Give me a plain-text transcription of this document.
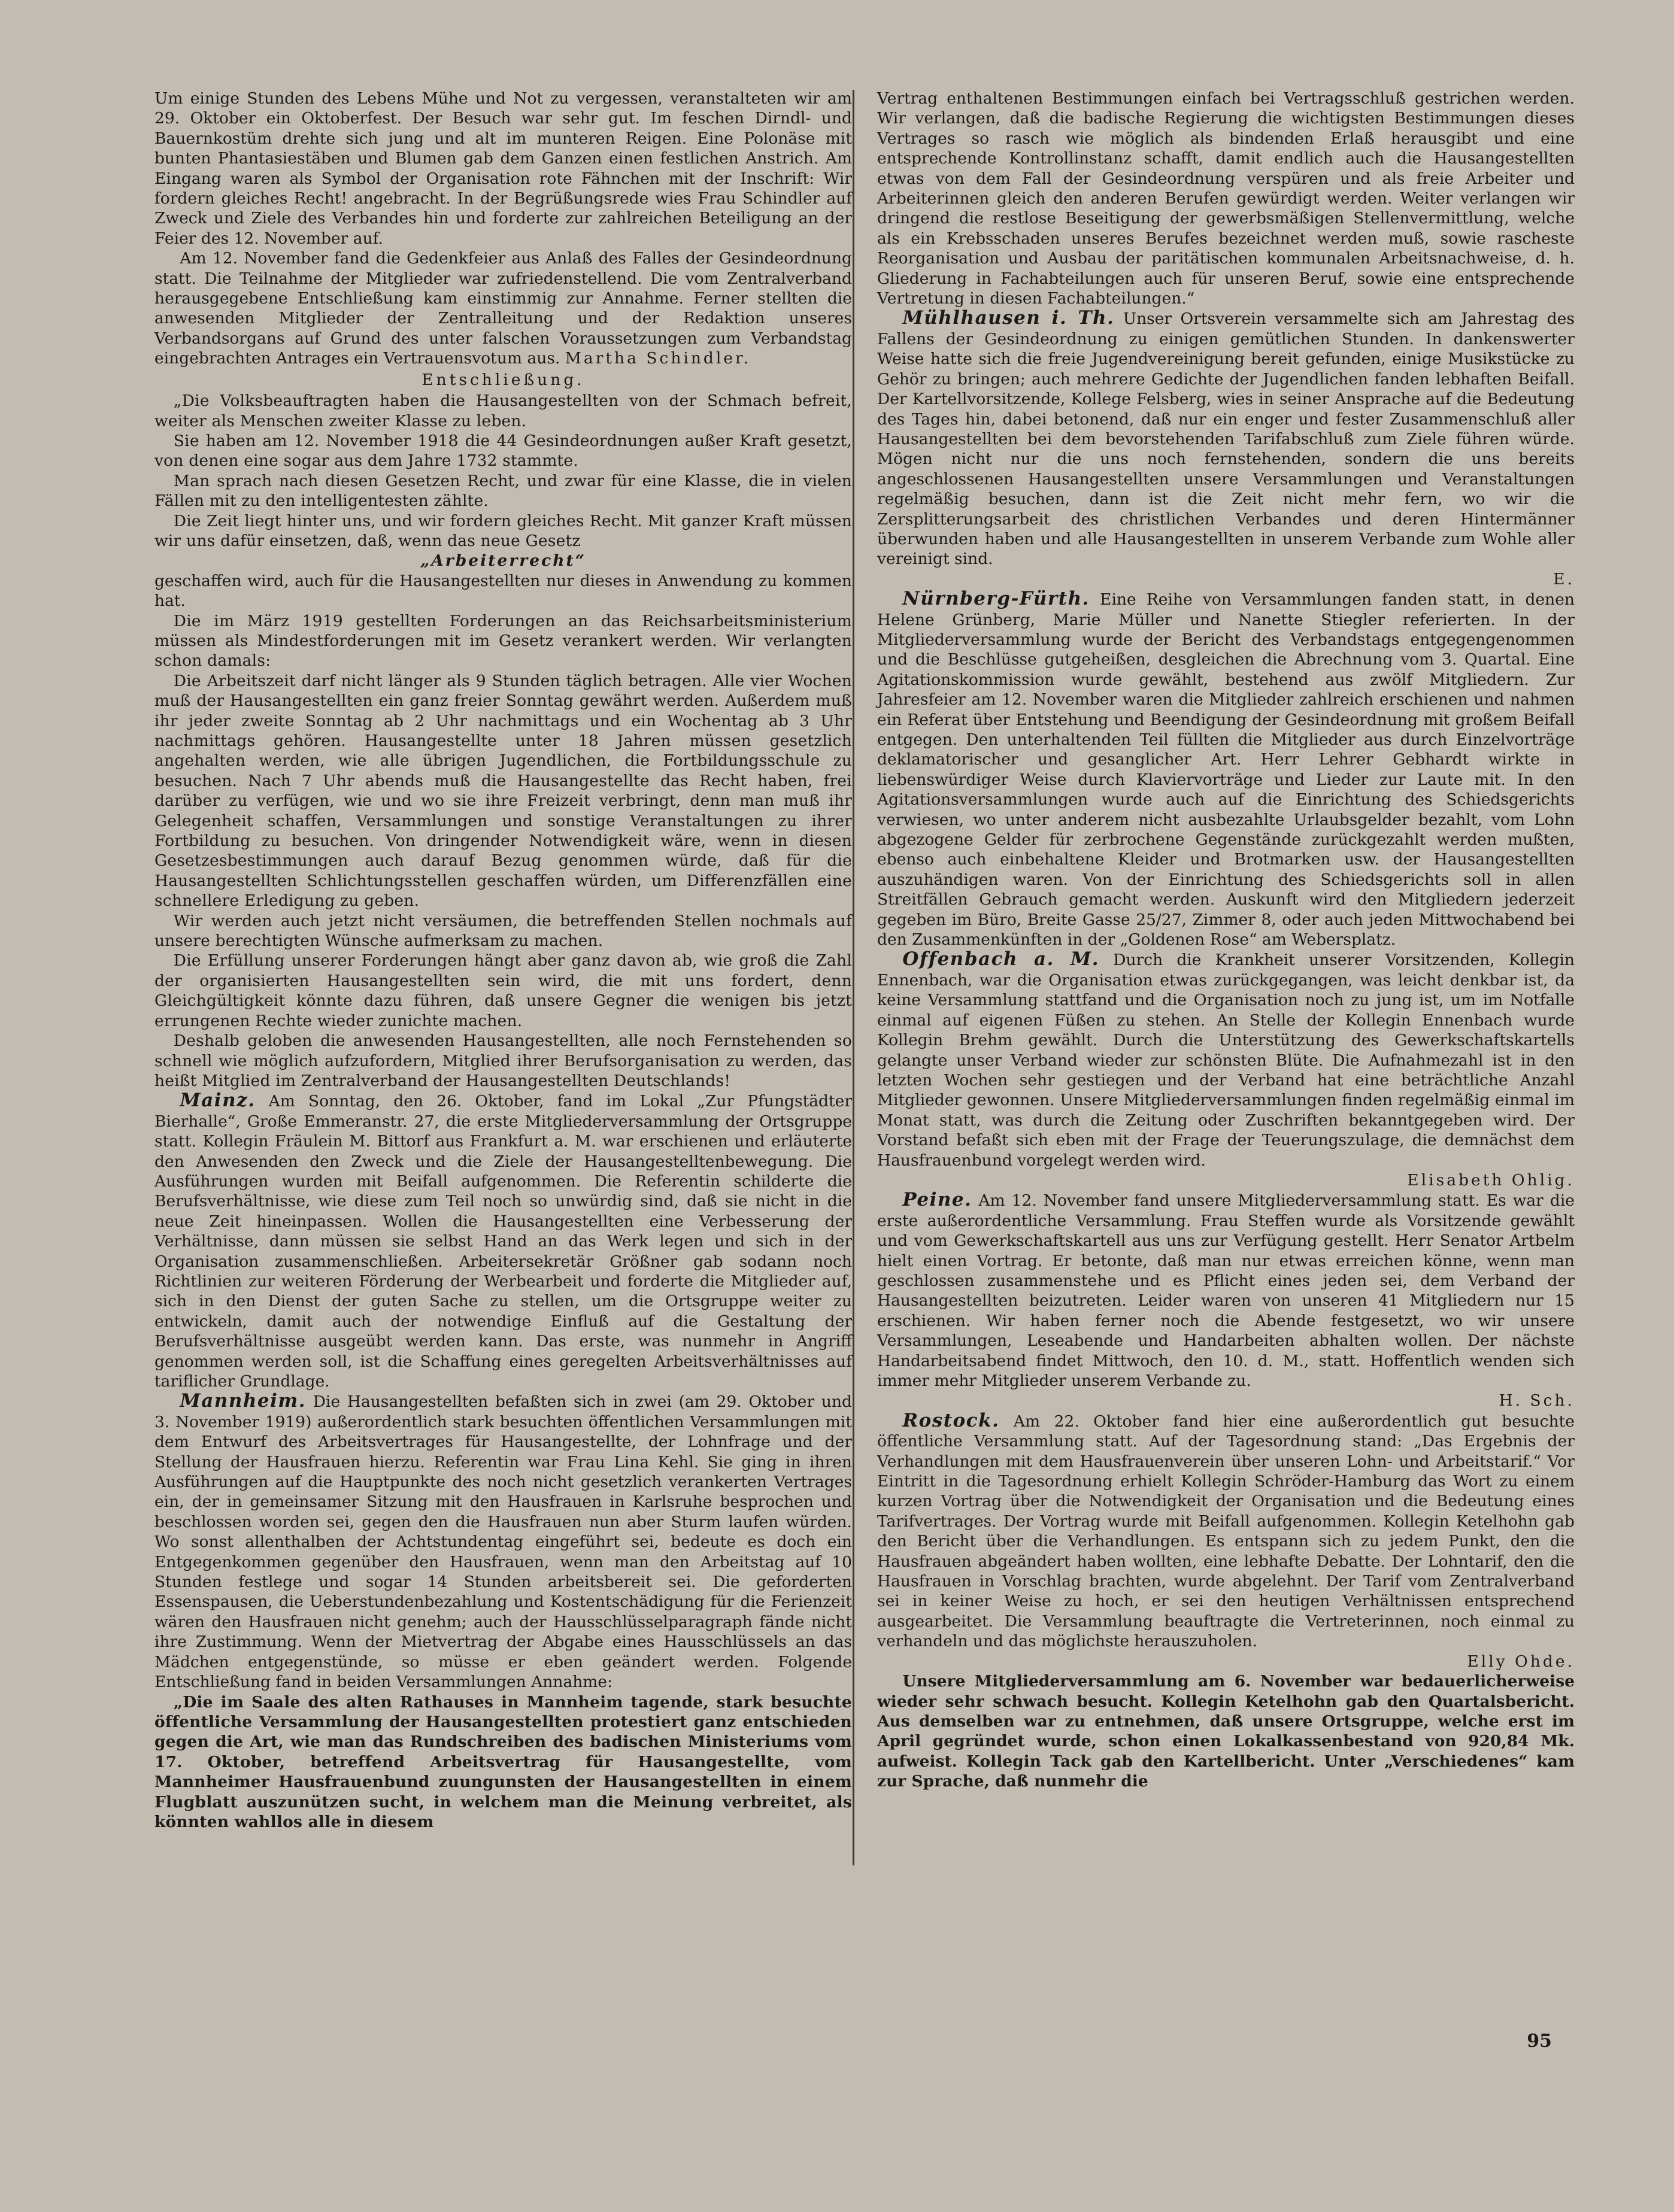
Um einige Stunden des Lebens Mühe und Not zu vergessen, veranstalteten wir am 29. Oktober ein Oktoberfest. Der Besuch war sehr gut. Im feschen Dirndl- und Bauernkostüm drehte sich jung und alt im munteren Reigen. Eine Polonäse mit bunten Phantasiestäben und Blumen gab dem Ganzen einen festlichen Anstrich. Am Eingang waren als Symbol der Organisation rote Fähnchen mit der Inschrift: Wir fordern gleiches Recht! angebracht. In der Begrüßungsrede wies Frau Schindler auf Zweck und Ziele des Verbandes hin und forderte zur zahlreichen Beteiligung an der Feier des 12. November auf.

Am 12. November fand die Gedenkfeier aus Anlaß des Falles der Gesindeordnung statt. Die Teilnahme der Mitglieder war zufriedenstellend. Die vom Zentralverband herausgegebene Entschließung kam einstimmig zur Annahme. Ferner stellten die anwesenden Mitglieder der Zentralleitung und der Redaktion unseres Verbandsorgans auf Grund des unter falschen Voraussetzungen zum Verbandstag eingebrachten Antrages ein Vertrauensvotum aus. Martha Schindler.

Entschließung.

„Die Volksbeauftragten haben die Hausangestellten von der Schmach befreit, weiter als Menschen zweiter Klasse zu leben.

Sie haben am 12. November 1918 die 44 Gesindeordnungen außer Kraft gesetzt, von denen eine sogar aus dem Jahre 1732 stammte.

Man sprach nach diesen Gesetzen Recht, und zwar für eine Klasse, die in vielen Fällen mit zu den intelligentesten zählte.

Die Zeit liegt hinter uns, und wir fordern gleiches Recht. Mit ganzer Kraft müssen wir uns dafür einsetzen, daß, wenn das neue Gesetz

„Arbeiterrecht“

geschaffen wird, auch für die Hausangestellten nur dieses in Anwendung zu kommen hat.

Die im März 1919 gestellten Forderungen an das Reichsarbeitsministerium müssen als Mindestforderungen mit im Gesetz verankert werden. Wir verlangten schon damals:

Die Arbeitszeit darf nicht länger als 9 Stunden täglich betragen. Alle vier Wochen muß der Hausangestellten ein ganz freier Sonntag gewährt werden. Außerdem muß ihr jeder zweite Sonntag ab 2 Uhr nachmittags und ein Wochentag ab 3 Uhr nachmittags gehören. Hausangestellte unter 18 Jahren müssen gesetzlich angehalten werden, wie alle übrigen Jugendlichen, die Fortbildungsschule zu besuchen. Nach 7 Uhr abends muß die Hausangestellte das Recht haben, frei darüber zu verfügen, wie und wo sie ihre Freizeit verbringt, denn man muß ihr Gelegenheit schaffen, Versammlungen und sonstige Veranstaltungen zu ihrer Fortbildung zu besuchen. Von dringender Notwendigkeit wäre, wenn in diesen Gesetzesbestimmungen auch darauf Bezug genommen würde, daß für die Hausangestellten Schlichtungsstellen geschaffen würden, um Differenzfällen eine schnellere Erledigung zu geben.

Wir werden auch jetzt nicht versäumen, die betreffenden Stellen nochmals auf unsere berechtigten Wünsche aufmerksam zu machen.

Die Erfüllung unserer Forderungen hängt aber ganz davon ab, wie groß die Zahl der organisierten Hausangestellten sein wird, die mit uns fordert, denn Gleichgültigkeit könnte dazu führen, daß unsere Gegner die wenigen bis jetzt errungenen Rechte wieder zunichte machen.

Deshalb geloben die anwesenden Hausangestellten, alle noch Fernstehenden so schnell wie möglich aufzufordern, Mitglied ihrer Berufsorganisation zu werden, das heißt Mitglied im Zentralverband der Hausangestellten Deutschlands!

Mainz. Am Sonntag, den 26. Oktober, fand im Lokal „Zur Pfungstädter Bierhalle“, Große Emmeranstr. 27, die erste Mitgliederversammlung der Ortsgruppe statt. Kollegin Fräulein M. Bittorf aus Frankfurt a. M. war erschienen und erläuterte den Anwesenden den Zweck und die Ziele der Hausangestelltenbewegung. Die Ausführungen wurden mit Beifall aufgenommen. Die Referentin schilderte die Berufsverhältnisse, wie diese zum Teil noch so unwürdig sind, daß sie nicht in die neue Zeit hineinpassen. Wollen die Hausangestellten eine Verbesserung der Verhältnisse, dann müssen sie selbst Hand an das Werk legen und sich in der Organisation zusammenschließen. Arbeitersekretär Größner gab sodann noch Richtlinien zur weiteren Förderung der Werbearbeit und forderte die Mitglieder auf, sich in den Dienst der guten Sache zu stellen, um die Ortsgruppe weiter zu entwickeln, damit auch der notwendige Einfluß auf die Gestaltung der Berufsverhältnisse ausgeübt werden kann. Das erste, was nunmehr in Angriff genommen werden soll, ist die Schaffung eines geregelten Arbeitsverhältnisses auf tariflicher Grundlage.

Mannheim. Die Hausangestellten befaßten sich in zwei (am 29. Oktober und 3. November 1919) außerordentlich stark besuchten öffentlichen Versammlungen mit dem Entwurf des Arbeitsvertrages für Hausangestellte, der Lohnfrage und der Stellung der Hausfrauen hierzu. Referentin war Frau Lina Kehl. Sie ging in ihren Ausführungen auf die Hauptpunkte des noch nicht gesetzlich verankerten Vertrages ein, der in gemeinsamer Sitzung mit den Hausfrauen in Karlsruhe besprochen und beschlossen worden sei, gegen den die Hausfrauen nun aber Sturm laufen würden. Wo sonst allenthalben der Achtstundentag eingeführt sei, bedeute es doch ein Entgegenkommen gegenüber den Hausfrauen, wenn man den Arbeitstag auf 10 Stunden festlege und sogar 14 Stunden arbeitsbereit sei. Die geforderten Essenspausen, die Ueberstundenbezahlung und Kostentschädigung für die Ferienzeit wären den Hausfrauen nicht genehm; auch der Hausschlüsselparagraph fände nicht ihre Zustimmung. Wenn der Mietvertrag der Abgabe eines Hausschlüssels an das Mädchen entgegenstünde, so müsse er eben geändert werden. Folgende Entschließung fand in beiden Versammlungen Annahme:

„Die im Saale des alten Rathauses in Mannheim tagende, stark besuchte öffentliche Versammlung der Hausangestellten protestiert ganz entschieden gegen die Art, wie man das Rundschreiben des badischen Ministeriums vom 17. Oktober, betreffend Arbeitsvertrag für Hausangestellte, vom Mannheimer Hausfrauenbund zuungunsten der Hausangestellten in einem Flugblatt auszunützen sucht, in welchem man die Meinung verbreitet, als könnten wahllos alle in diesem

Vertrag enthaltenen Bestimmungen einfach bei Vertragsschluß gestrichen werden. Wir verlangen, daß die badische Regierung die wichtigsten Bestimmungen dieses Vertrages so rasch wie möglich als bindenden Erlaß herausgibt und eine entsprechende Kontrollinstanz schafft, damit endlich auch die Hausangestellten etwas von dem Fall der Gesindeordnung verspüren und als freie Arbeiter und Arbeiterinnen gleich den anderen Berufen gewürdigt werden. Weiter verlangen wir dringend die restlose Beseitigung der gewerbsmäßigen Stellenvermittlung, welche als ein Krebsschaden unseres Berufes bezeichnet werden muß, sowie rascheste Reorganisation und Ausbau der paritätischen kommunalen Arbeitsnachweise, d. h. Gliederung in Fachabteilungen auch für unseren Beruf, sowie eine entsprechende Vertretung in diesen Fachabteilungen.“

Mühlhausen i. Th. Unser Ortsverein versammelte sich am Jahrestag des Fallens der Gesindeordnung zu einigen gemütlichen Stunden. In dankenswerter Weise hatte sich die freie Jugendvereinigung bereit gefunden, einige Musikstücke zu Gehör zu bringen; auch mehrere Gedichte der Jugendlichen fanden lebhaften Beifall. Der Kartellvorsitzende, Kollege Felsberg, wies in seiner Ansprache auf die Bedeutung des Tages hin, dabei betonend, daß nur ein enger und fester Zusammenschluß aller Hausangestellten bei dem bevorstehenden Tarifabschluß zum Ziele führen würde. Mögen nicht nur die uns noch fernstehenden, sondern die uns bereits angeschlossenen Hausangestellten unsere Versammlungen und Veranstaltungen regelmäßig besuchen, dann ist die Zeit nicht mehr fern, wo wir die Zersplitterungsarbeit des christlichen Verbandes und deren Hintermänner überwunden haben und alle Hausangestellten in unserem Verbande zum Wohle aller vereinigt sind.

E.

Nürnberg-Fürth. Eine Reihe von Versammlungen fanden statt, in denen Helene Grünberg, Marie Müller und Nanette Stiegler referierten. In der Mitgliederversammlung wurde der Bericht des Verbandstags entgegengenommen und die Beschlüsse gutgeheißen, desgleichen die Abrechnung vom 3. Quartal. Eine Agitationskommission wurde gewählt, bestehend aus zwölf Mitgliedern. Zur Jahresfeier am 12. November waren die Mitglieder zahlreich erschienen und nahmen ein Referat über Entstehung und Beendigung der Gesindeordnung mit großem Beifall entgegen. Den unterhaltenden Teil füllten die Mitglieder aus durch Einzelvorträge deklamatorischer und gesanglicher Art. Herr Lehrer Gebhardt wirkte in liebenswürdiger Weise durch Klaviervorträge und Lieder zur Laute mit. In den Agitationsversammlungen wurde auch auf die Einrichtung des Schiedsgerichts verwiesen, wo unter anderem nicht ausbezahlte Urlaubsgelder bezahlt, vom Lohn abgezogene Gelder für zerbrochene Gegenstände zurückgezahlt werden mußten, ebenso auch einbehaltene Kleider und Brotmarken usw. der Hausangestellten auszuhändigen waren. Von der Einrichtung des Schiedsgerichts soll in allen Streitfällen Gebrauch gemacht werden. Auskunft wird den Mitgliedern jederzeit gegeben im Büro, Breite Gasse 25/27, Zimmer 8, oder auch jeden Mittwochabend bei den Zusammenkünften in der „Goldenen Rose“ am Webersplatz.

Offenbach a. M. Durch die Krankheit unserer Vorsitzenden, Kollegin Ennenbach, war die Organisation etwas zurückgegangen, was leicht denkbar ist, da keine Versammlung stattfand und die Organisation noch zu jung ist, um im Notfalle einmal auf eigenen Füßen zu stehen. An Stelle der Kollegin Ennenbach wurde Kollegin Brehm gewählt. Durch die Unterstützung des Gewerkschaftskartells gelangte unser Verband wieder zur schönsten Blüte. Die Aufnahmezahl ist in den letzten Wochen sehr gestiegen und der Verband hat eine beträchtliche Anzahl Mitglieder gewonnen. Unsere Mitgliederversammlungen finden regelmäßig einmal im Monat statt, was durch die Zeitung oder Zuschriften bekanntgegeben wird. Der Vorstand befaßt sich eben mit der Frage der Teuerungszulage, die demnächst dem Hausfrauenbund vorgelegt werden wird.

Elisabeth Ohlig.

Peine. Am 12. November fand unsere Mitgliederversammlung statt. Es war die erste außerordentliche Versammlung. Frau Steffen wurde als Vorsitzende gewählt und vom Gewerkschaftskartell aus uns zur Verfügung gestellt. Herr Senator Artbelm hielt einen Vortrag. Er betonte, daß man nur etwas erreichen könne, wenn man geschlossen zusammenstehe und es Pflicht eines jeden sei, dem Verband der Hausangestellten beizutreten. Leider waren von unseren 41 Mitgliedern nur 15 erschienen. Wir haben ferner noch die Abende festgesetzt, wo wir unsere Versammlungen, Leseabende und Handarbeiten abhalten wollen. Der nächste Handarbeitsabend findet Mittwoch, den 10. d. M., statt. Hoffentlich wenden sich immer mehr Mitglieder unserem Verbande zu.

H. Sch.

Rostock. Am 22. Oktober fand hier eine außerordentlich gut besuchte öffentliche Versammlung statt. Auf der Tagesordnung stand: „Das Ergebnis der Verhandlungen mit dem Hausfrauenverein über unseren Lohn- und Arbeitstarif.“ Vor Eintritt in die Tagesordnung erhielt Kollegin Schröder-Hamburg das Wort zu einem kurzen Vortrag über die Notwendigkeit der Organisation und die Bedeutung eines Tarifvertrages. Der Vortrag wurde mit Beifall aufgenommen. Kollegin Ketelhohn gab den Bericht über die Verhandlungen. Es entspann sich zu jedem Punkt, den die Hausfrauen abgeändert haben wollten, eine lebhafte Debatte. Der Lohntarif, den die Hausfrauen in Vorschlag brachten, wurde abgelehnt. Der Tarif vom Zentralverband sei in keiner Weise zu hoch, er sei den heutigen Verhältnissen entsprechend ausgearbeitet. Die Versammlung beauftragte die Vertreterinnen, noch einmal zu verhandeln und das möglichste herauszuholen.

Elly Ohde.

Unsere Mitgliederversammlung am 6. November war bedauerlicherweise wieder sehr schwach besucht. Kollegin Ketelhohn gab den Quartalsbericht. Aus demselben war zu entnehmen, daß unsere Ortsgruppe, welche erst im April gegründet wurde, schon einen Lokalkassenbestand von 920,84 Mk. aufweist. Kollegin Tack gab den Kartellbericht. Unter „Verschiedenes“ kam zur Sprache, daß nunmehr die

95
